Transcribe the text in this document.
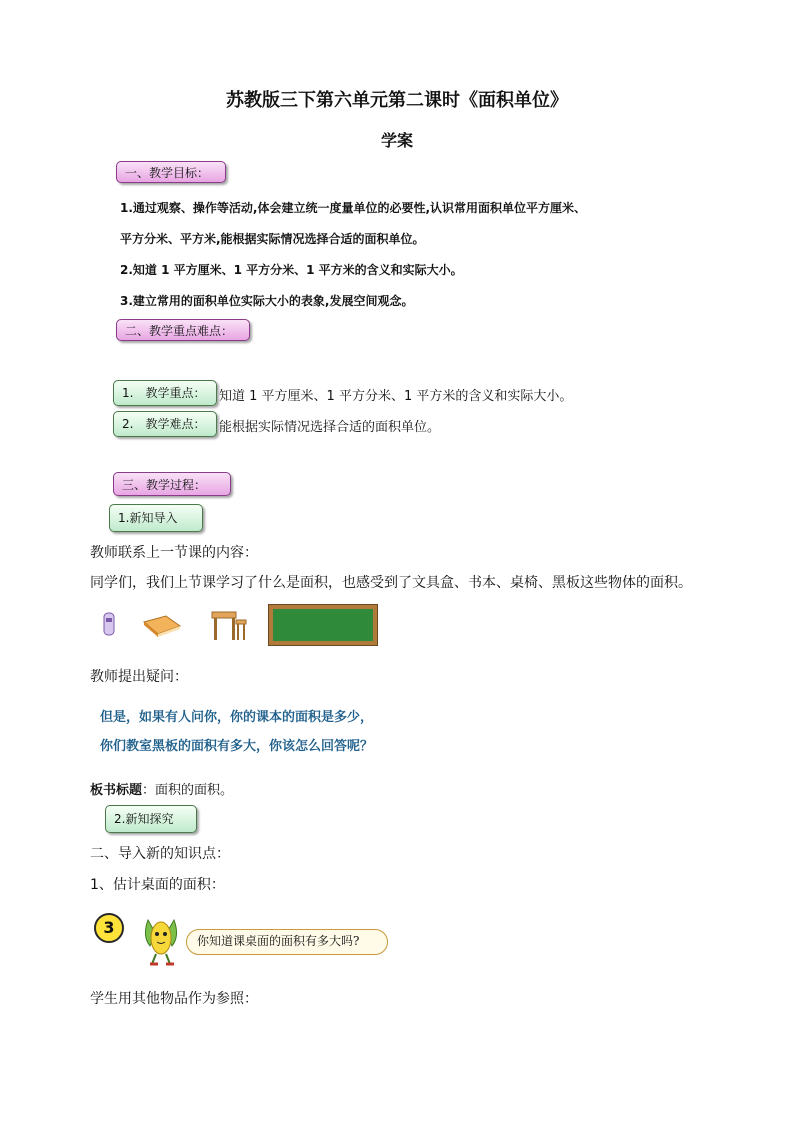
苏教版三下第六单元第二课时《面积单位》
学案
一、教学目标：
1.通过观察、操作等活动,体会建立统一度量单位的必要性,认识常用面积单位平方厘米、
平方分米、平方米,能根据实际情况选择合适的面积单位。
2.知道 1 平方厘米、1 平方分米、1 平方米的含义和实际大小。
3.建立常用的面积单位实际大小的表象,发展空间观念。
二、教学重点难点：
1.　教学重点：	知道 1 平方厘米、1 平方分米、1 平方米的含义和实际大小。
2.　教学难点：	能根据实际情况选择合适的面积单位。
三、教学过程：
1.新知导入
教师联系上一节课的内容：
同学们，我们上节课学习了什么是面积，也感受到了文具盒、书本、桌椅、黑板这些物体的面积。
教师提出疑问：
但是，如果有人问你，你的课本的面积是多少，
你们教室黑板的面积有多大，你该怎么回答呢？
板书标题：面积的面积。
2.新知探究
二、导入新的知识点：
1、估计桌面的面积：
3
你知道课桌面的面积有多大吗?
学生用其他物品作为参照：
